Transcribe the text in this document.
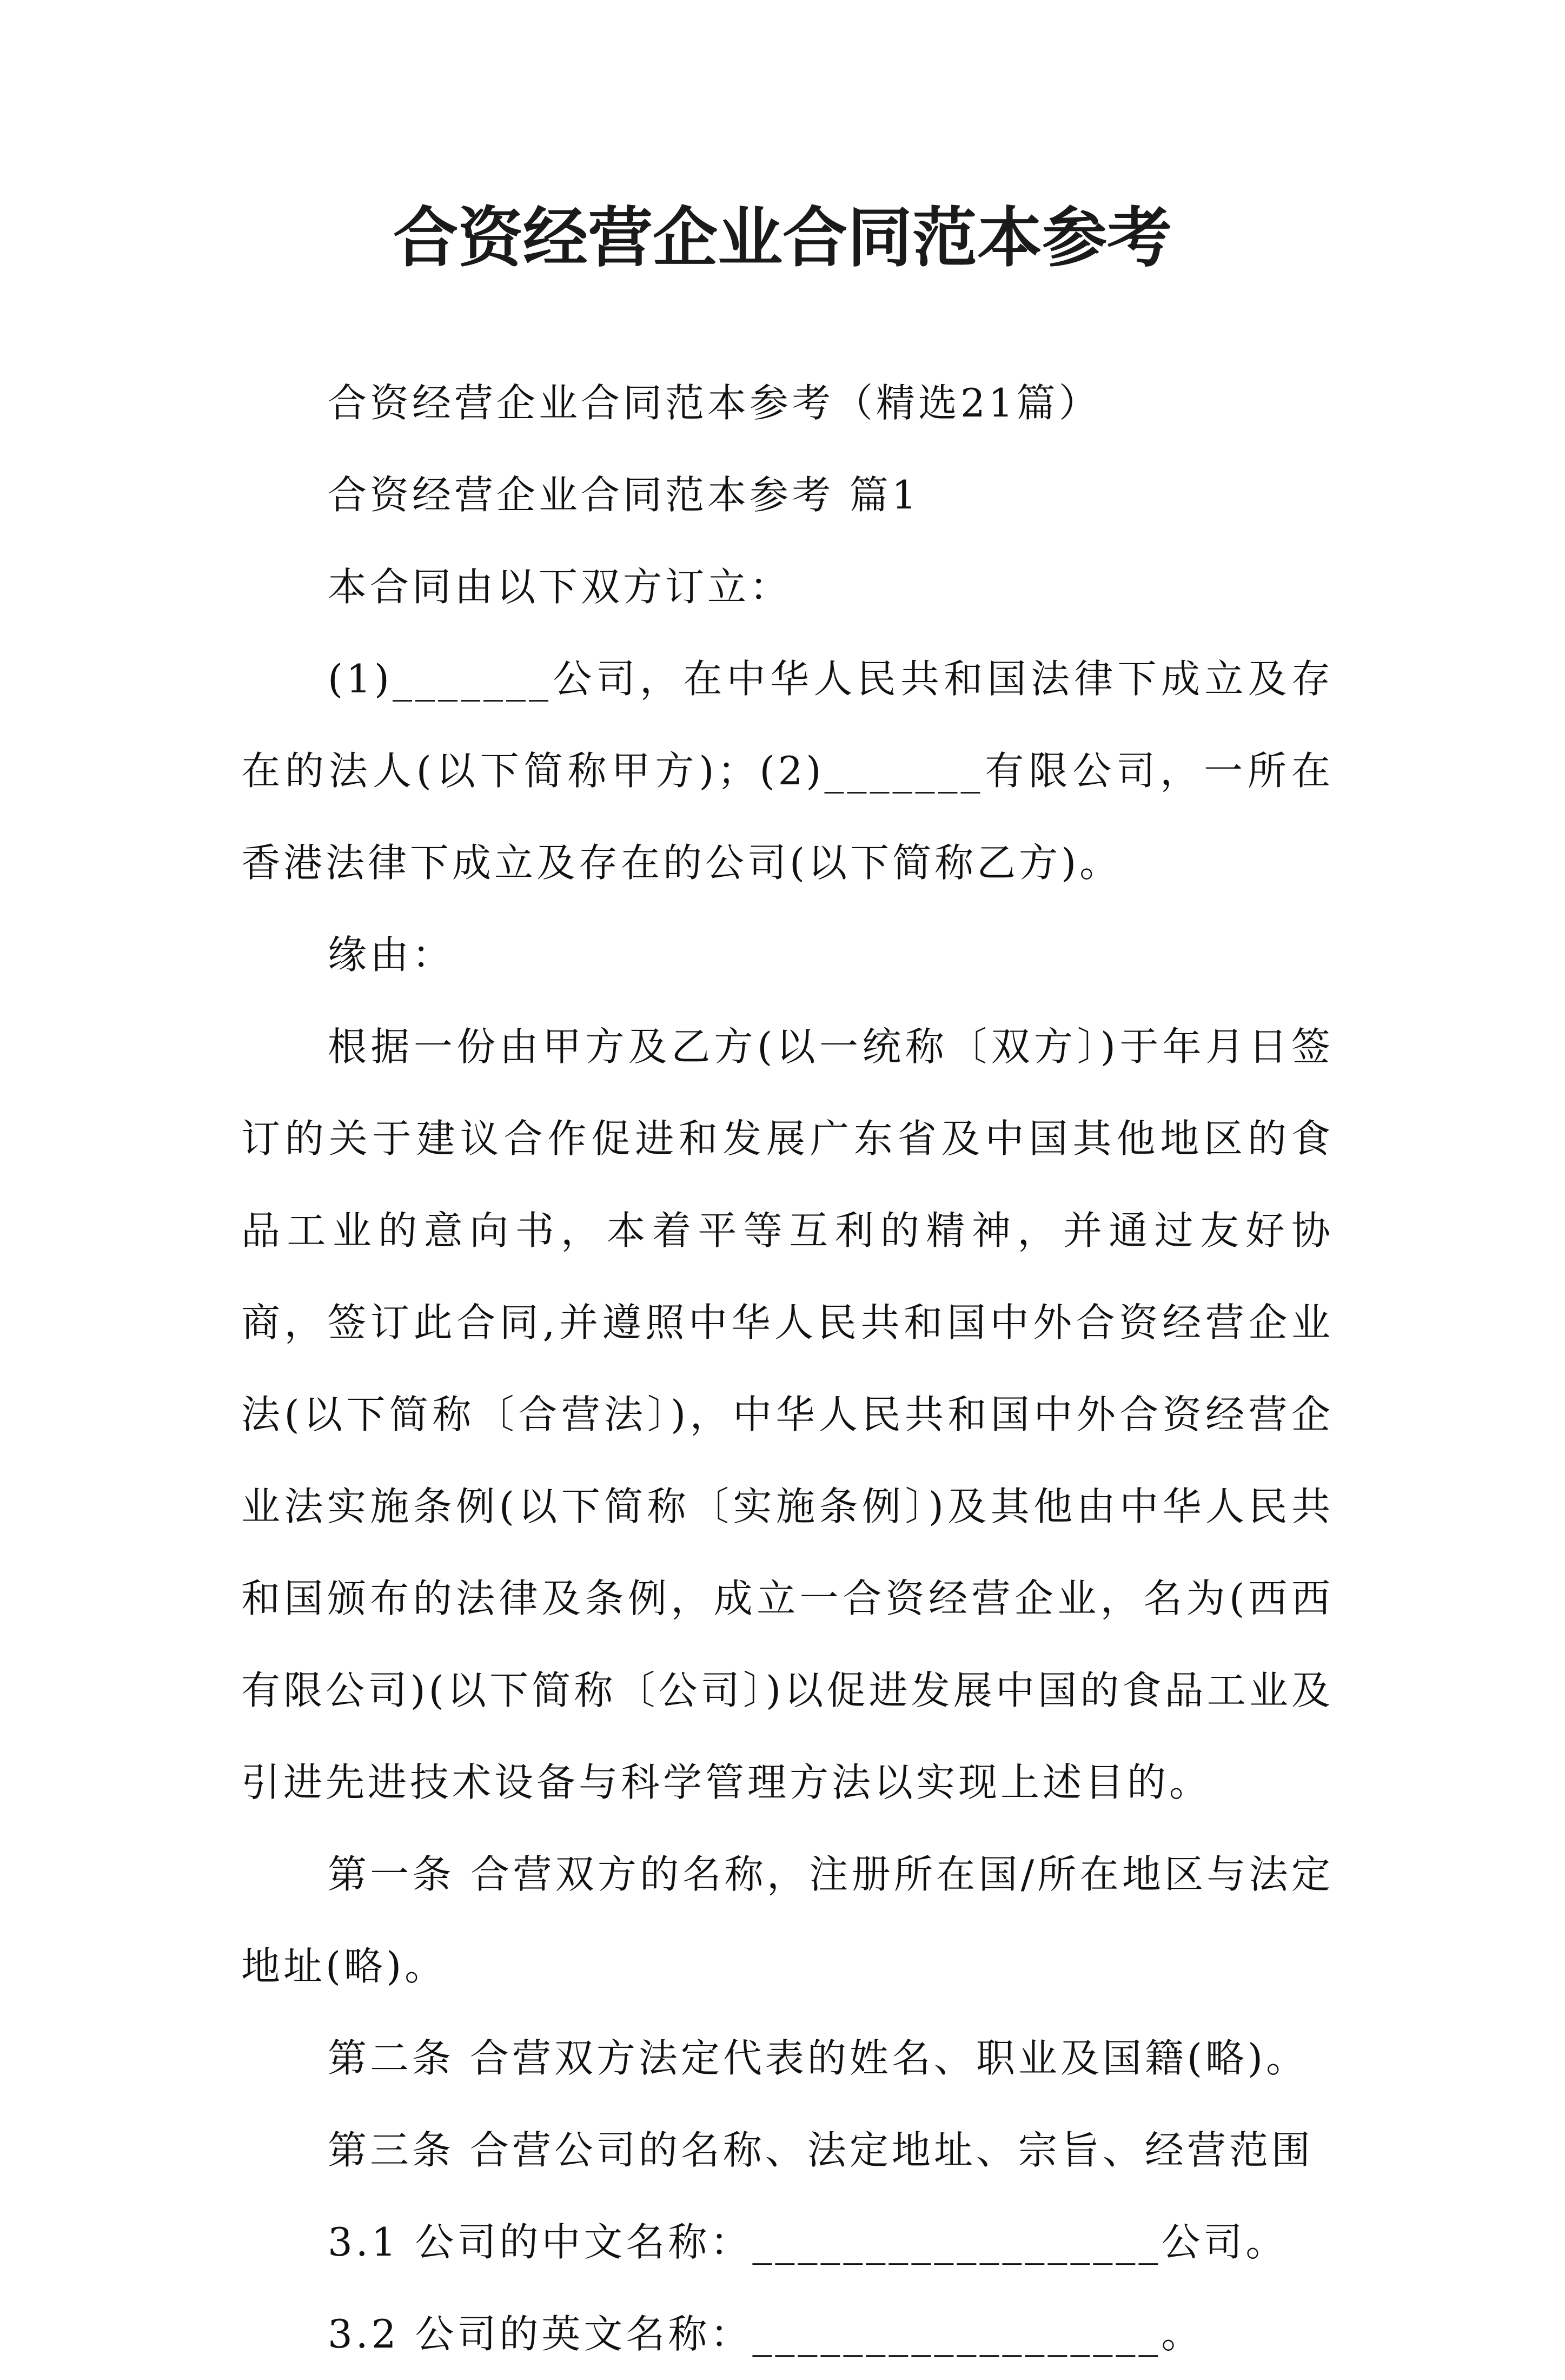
合资经营企业合同范本参考

合资经营企业合同范本参考（精选21篇）

合资经营企业合同范本参考 篇1

本合同由以下双方订立：

(1)_______公司，在中华人民共和国法律下成立及存在的法人(以下简称甲方)；(2)_______有限公司，一所在香港法律下成立及存在的公司(以下简称乙方)。

缘由：

根据一份由甲方及乙方(以一统称〔双方〕)于年月日签订的关于建议合作促进和发展广东省及中国其他地区的食品工业的意向书，本着平等互利的精神，并通过友好协商，签订此合同,并遵照中华人民共和国中外合资经营企业法(以下简称〔合营法〕)，中华人民共和国中外合资经营企业法实施条例(以下简称〔实施条例〕)及其他由中华人民共和国颁布的法律及条例，成立一合资经营企业，名为(西西有限公司)(以下简称〔公司〕)以促进发展中国的食品工业及引进先进技术设备与科学管理方法以实现上述目的。

第一条 合营双方的名称，注册所在国/所在地区与法定地址(略)。

第二条 合营双方法定代表的姓名、职业及国籍(略)。

第三条 合营公司的名称、法定地址、宗旨、经营范围

3.1 公司的中文名称：__________________公司。

3.2 公司的英文名称：__________________。
